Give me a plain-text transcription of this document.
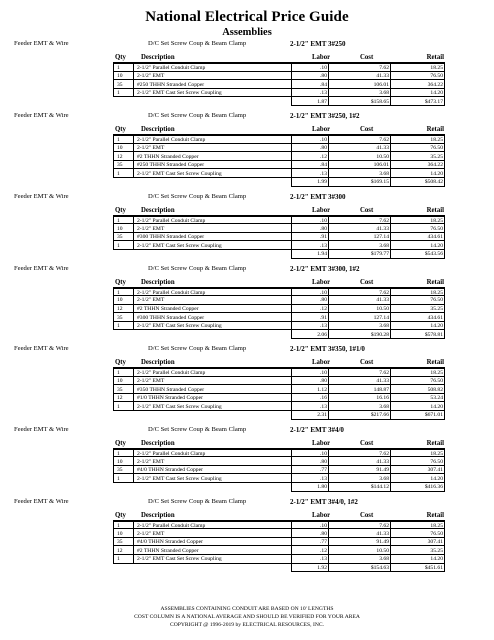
National Electrical Price Guide
Assemblies
Feeder EMT & Wire	D/C Set Screw Coup & Beam Clamp	2-1/2" EMT 3#250
Qty Description	Labor	Cost	Retail
1	2-1/2" Parallel Conduit Clamp	.10	7.62	18.25
10	2-1/2" EMT	.80	41.33	76.50
35	#250 THHN Stranded Copper	.84	106.01	364.22
1	2-1/2" EMT Cast Set Screw Coupling	.13	3.68	14.20
1.87	$158.65	$473.17
Feeder EMT & Wire	D/C Set Screw Coup & Beam Clamp	2-1/2" EMT 3#250, 1#2
Qty Description	Labor	Cost	Retail
1	2-1/2" Parallel Conduit Clamp	.10	7.62	18.25
10	2-1/2" EMT	.80	41.33	76.50
12	#2 THHN Stranded Copper	.12	10.50	35.25
35	#250 THHN Stranded Copper	.84	106.01	364.22
1	2-1/2" EMT Cast Set Screw Coupling	.13	3.68	14.20
1.99	$169.15	$508.42
Feeder EMT & Wire	D/C Set Screw Coup & Beam Clamp	2-1/2" EMT 3#300
Qty Description	Labor	Cost	Retail
1	2-1/2" Parallel Conduit Clamp	.10	7.62	18.25
10	2-1/2" EMT	.80	41.33	76.50
35	#300 THHN Stranded Copper	.91	127.14	434.61
1	2-1/2" EMT Cast Set Screw Coupling	.13	3.68	14.20
1.94	$179.77	$543.56
Feeder EMT & Wire	D/C Set Screw Coup & Beam Clamp	2-1/2" EMT 3#300, 1#2
Qty Description	Labor	Cost	Retail
1	2-1/2" Parallel Conduit Clamp	.10	7.62	18.25
10	2-1/2" EMT	.80	41.33	76.50
12	#2 THHN Stranded Copper	.12	10.50	35.25
35	#300 THHN Stranded Copper	.91	127.14	434.61
1	2-1/2" EMT Cast Set Screw Coupling	.13	3.68	14.20
2.06	$190.28	$578.81
Feeder EMT & Wire	D/C Set Screw Coup & Beam Clamp	2-1/2" EMT 3#350, 1#1/0
Qty Description	Labor	Cost	Retail
1	2-1/2" Parallel Conduit Clamp	.10	7.62	18.25
10	2-1/2" EMT	.80	41.33	76.50
35	#350 THHN Stranded Copper	1.12	148.87	508.82
12	#1/0 THHN Stranded Copper	.16	16.16	53.24
1	2-1/2" EMT Cast Set Screw Coupling	.13	3.68	14.20
2.31	$217.66	$671.01
Feeder EMT & Wire	D/C Set Screw Coup & Beam Clamp	2-1/2" EMT 3#4/0
Qty Description	Labor	Cost	Retail
1	2-1/2" Parallel Conduit Clamp	.10	7.62	18.25
10	2-1/2" EMT	.80	41.33	76.50
35	#4/0 THHN Stranded Copper	.77	91.49	307.41
1	2-1/2" EMT Cast Set Screw Coupling	.13	3.68	14.20
1.80	$144.12	$416.36
Feeder EMT & Wire	D/C Set Screw Coup & Beam Clamp	2-1/2" EMT 3#4/0, 1#2
Qty Description	Labor	Cost	Retail
1	2-1/2" Parallel Conduit Clamp	.10	7.62	18.25
10	2-1/2" EMT	.80	41.33	76.50
35	#4/0 THHN Stranded Copper	.77	91.49	307.41
12	#2 THHN Stranded Copper	.12	10.50	35.25
1	2-1/2" EMT Cast Set Screw Coupling	.13	3.68	14.20
1.92	$154.63	$451.61
ASSEMBLIES CONTAINING CONDUIT ARE BASED ON 10' LENGTHS
COST COLUMN IS A NATIONAL AVERAGE AND SHOULD BE VERIFIED FOR YOUR AREA
COPYRIGHT @ 1996-2019 by ELECTRICAL RESOURCES, INC.
